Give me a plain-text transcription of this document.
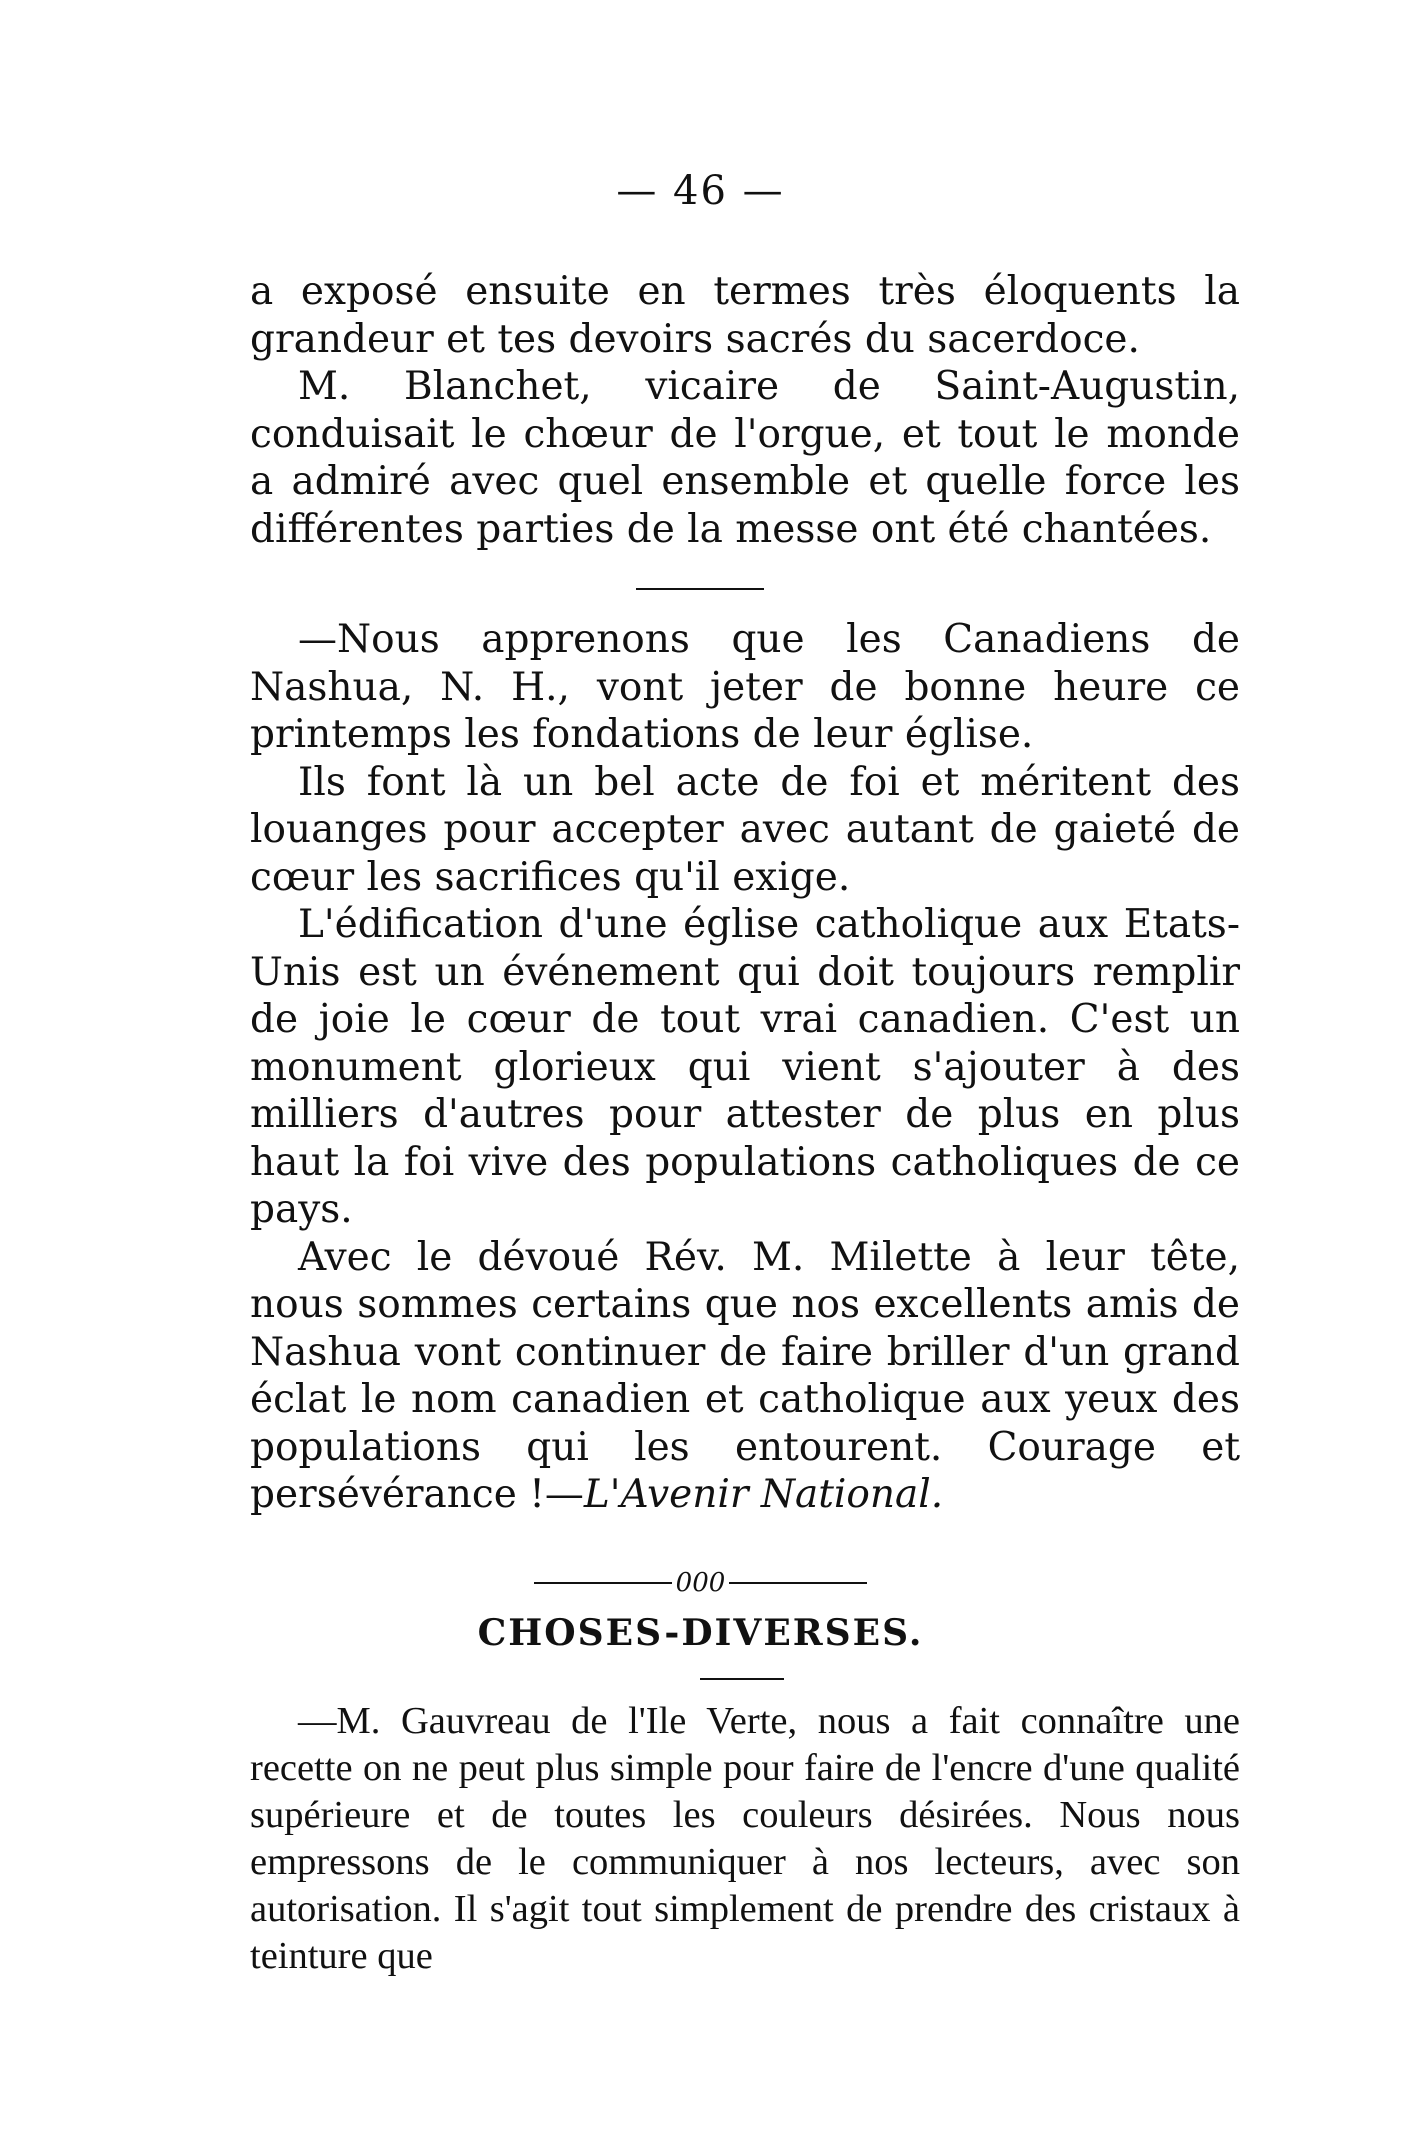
— 46 —

a exposé ensuite en termes très éloquents la grandeur et tes devoirs sacrés du sacerdoce.

M. Blanchet, vicaire de Saint-Augustin, conduisait le chœur de l'orgue, et tout le monde a admiré avec quel ensemble et quelle force les différentes parties de la messe ont été chantées.

—Nous apprenons que les Canadiens de Nashua, N. H., vont jeter de bonne heure ce printemps les fondations de leur église.

Ils font là un bel acte de foi et méritent des louanges pour accepter avec autant de gaieté de cœur les sacrifices qu'il exige.

L'édification d'une église catholique aux Etats-Unis est un événement qui doit toujours remplir de joie le cœur de tout vrai canadien. C'est un monument glorieux qui vient s'ajouter à des milliers d'autres pour attester de plus en plus haut la foi vive des populations catholiques de ce pays.

Avec le dévoué Rév. M. Milette à leur tête, nous sommes certains que nos excellents amis de Nashua vont continuer de faire briller d'un grand éclat le nom canadien et catholique aux yeux des populations qui les entourent. Courage et persévérance !—L'Avenir National.

000
CHOSES-DIVERSES.

—M. Gauvreau de l'Ile Verte, nous a fait connaître une recette on ne peut plus simple pour faire de l'encre d'une qualité supérieure et de toutes les couleurs désirées. Nous nous empressons de le communiquer à nos lecteurs, avec son autorisation. Il s'agit tout simplement de prendre des cristaux à teinture que
